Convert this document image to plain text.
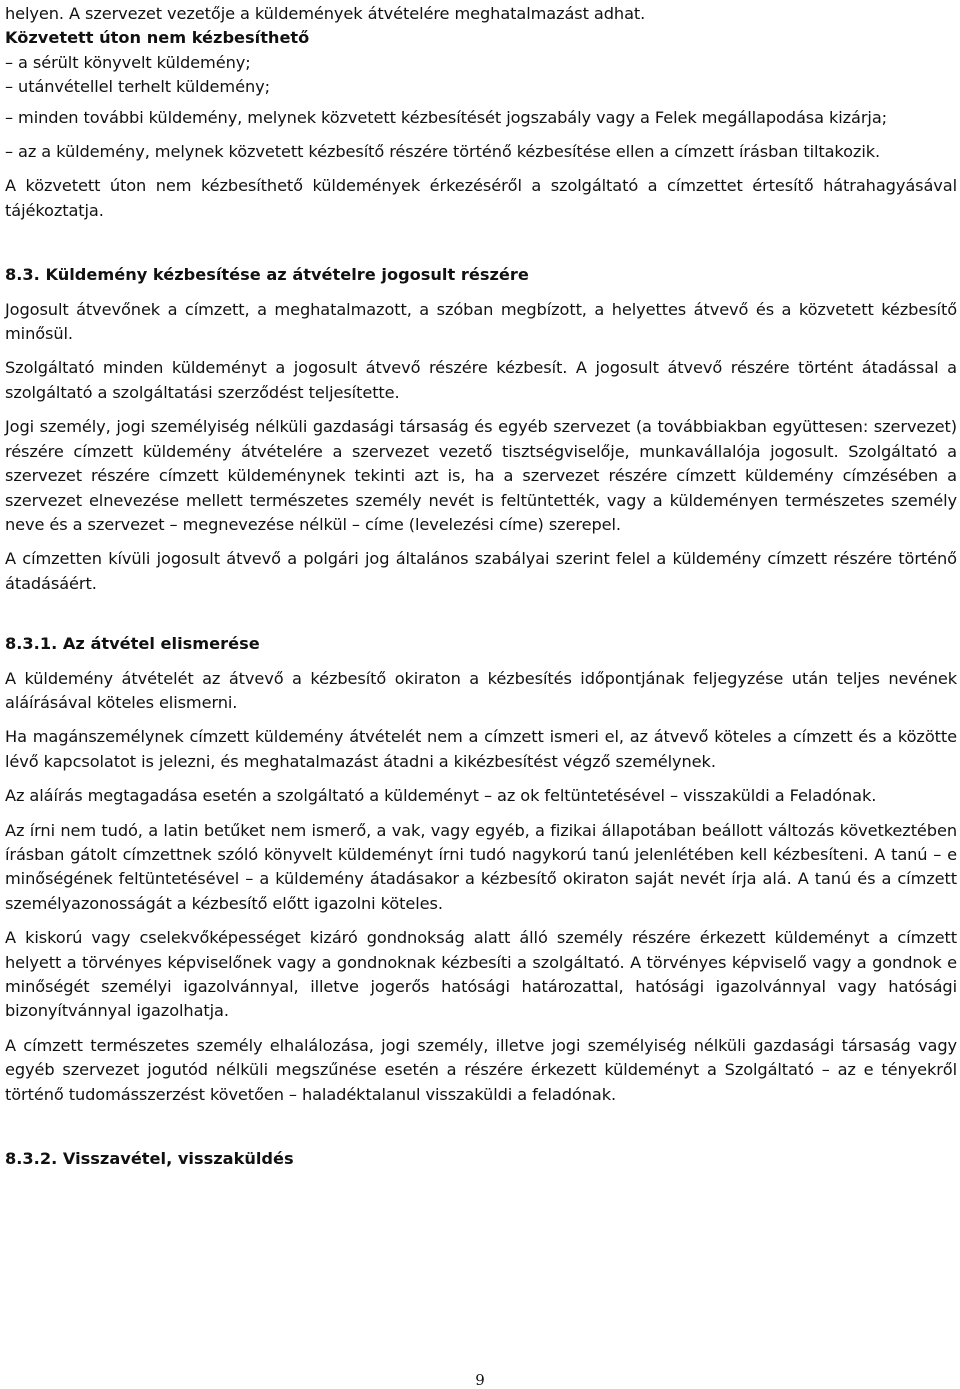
helyen. A szervezet vezetője a küldemények átvételére meghatalmazást adhat.

Közvetett úton nem kézbesíthető

– a sérült könyvelt küldemény;

– utánvétellel terhelt küldemény;

– minden további küldemény, melynek közvetett kézbesítését jogszabály vagy a Felek megállapodása kizárja;

– az a küldemény, melynek közvetett kézbesítő részére történő kézbesítése ellen a címzett írásban tiltakozik.

A közvetett úton nem kézbesíthető küldemények érkezéséről a szolgáltató a címzettet értesítő hátrahagyásával tájékoztatja.

8.3. Küldemény kézbesítése az átvételre jogosult részére

Jogosult átvevőnek a címzett, a meghatalmazott, a szóban megbízott, a helyettes átvevő és a közvetett kézbesítő minősül.

Szolgáltató minden küldeményt a jogosult átvevő részére kézbesít. A jogosult átvevő részére történt átadással a szolgáltató a szolgáltatási szerződést teljesítette.

Jogi személy, jogi személyiség nélküli gazdasági társaság és egyéb szervezet (a továbbiakban együttesen: szervezet) részére címzett küldemény átvételére a szervezet vezető tisztségviselője, munkavállalója jogosult. Szolgáltató a szervezet részére címzett küldeménynek tekinti azt is, ha a szervezet részére címzett küldemény címzésében a szervezet elnevezése mellett természetes személy nevét is feltüntették, vagy a küldeményen természetes személy neve és a szervezet – megnevezése nélkül – címe (levelezési címe) szerepel.

A címzetten kívüli jogosult átvevő a polgári jog általános szabályai szerint felel a küldemény címzett részére történő átadásáért.

8.3.1. Az átvétel elismerése

A küldemény átvételét az átvevő a kézbesítő okiraton a kézbesítés időpontjának feljegyzése után teljes nevének aláírásával köteles elismerni.

Ha magánszemélynek címzett küldemény átvételét nem a címzett ismeri el, az átvevő köteles a címzett és a közötte lévő kapcsolatot is jelezni, és meghatalmazást átadni a kikézbesítést végző személynek.

Az aláírás megtagadása esetén a szolgáltató a küldeményt – az ok feltüntetésével – visszaküldi a Feladónak.

Az írni nem tudó, a latin betűket nem ismerő, a vak, vagy egyéb, a fizikai állapotában beállott változás következtében írásban gátolt címzettnek szóló könyvelt küldeményt írni tudó nagykorú tanú jelenlétében kell kézbesíteni. A tanú – e minőségének feltüntetésével – a küldemény átadásakor a kézbesítő okiraton saját nevét írja alá. A tanú és a címzett személyazonosságát a kézbesítő előtt igazolni köteles.

A kiskorú vagy cselekvőképességet kizáró gondnokság alatt álló személy részére érkezett küldeményt a címzett helyett a törvényes képviselőnek vagy a gondnoknak kézbesíti a szolgáltató. A törvényes képviselő vagy a gondnok e minőségét személyi igazolvánnyal, illetve jogerős hatósági határozattal, hatósági igazolvánnyal vagy hatósági bizonyítvánnyal igazolhatja.

A címzett természetes személy elhalálozása, jogi személy, illetve jogi személyiség nélküli gazdasági társaság vagy egyéb szervezet jogutód nélküli megszűnése esetén a részére érkezett küldeményt a Szolgáltató – az e tényekről történő tudomásszerzést követően – haladéktalanul visszaküldi a feladónak.

8.3.2. Visszavétel, visszaküldés
9
